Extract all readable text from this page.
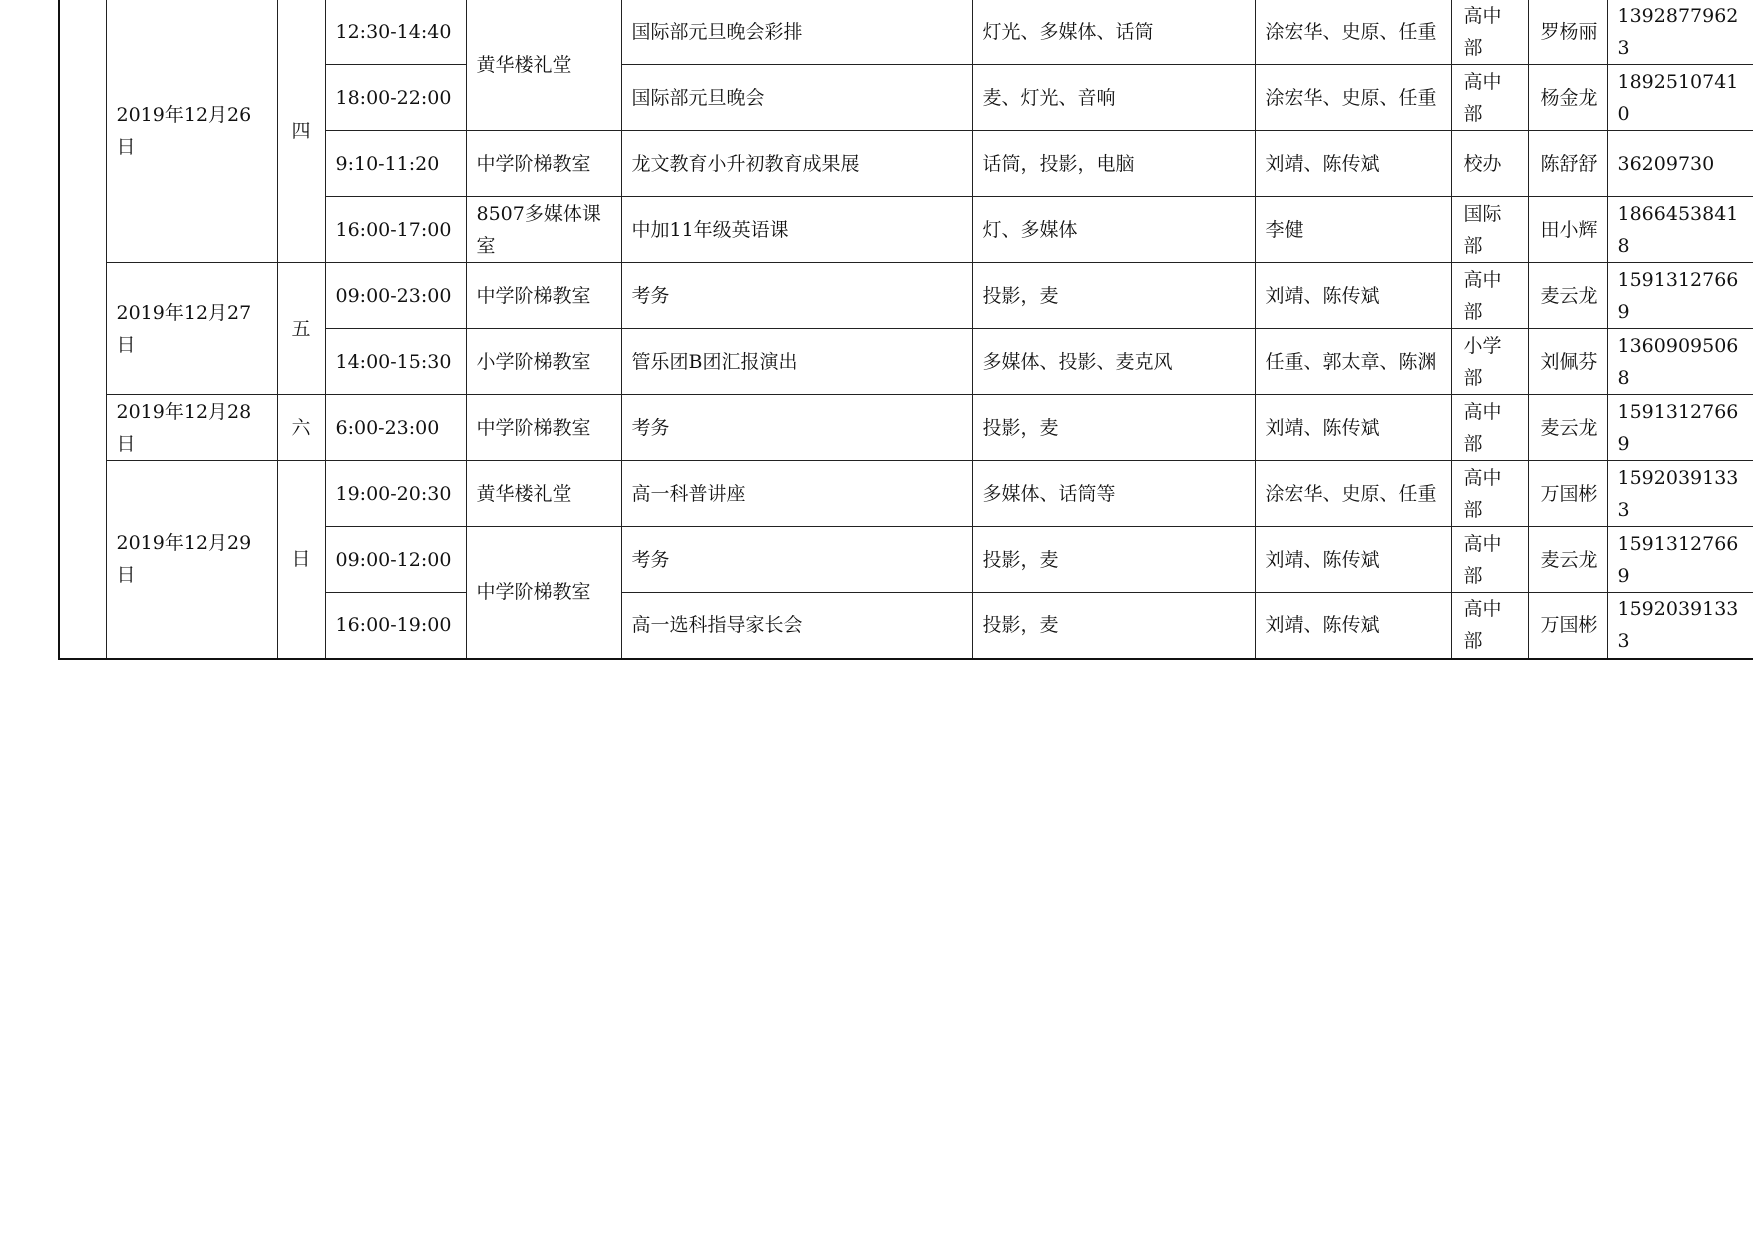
	2019年12月26日	四	12:30-14:40	黄华楼礼堂	国际部元旦晚会彩排	灯光、多媒体、话筒	涂宏华、史原、任重	高中部	罗杨丽	13928779623
			18:00-22:00		国际部元旦晚会	麦、灯光、音响	涂宏华、史原、任重	高中部	杨金龙	18925107410
			9:10-11:20	中学阶梯教室	龙文教育小升初教育成果展	话筒，投影，电脑	刘靖、陈传斌	校办	陈舒舒	36209730
			16:00-17:00	8507多媒体课室	中加11年级英语课	灯、多媒体	李健	国际部	田小辉	18664538418
	2019年12月27日	五	09:00-23:00	中学阶梯教室	考务	投影，麦	刘靖、陈传斌	高中部	麦云龙	15913127669
			14:00-15:30	小学阶梯教室	管乐团B团汇报演出	多媒体、投影、麦克风	任重、郭太章、陈渊	小学部	刘佩芬	13609095068
	2019年12月28日	六	6:00-23:00	中学阶梯教室	考务	投影，麦	刘靖、陈传斌	高中部	麦云龙	15913127669
	2019年12月29日	日	19:00-20:30	黄华楼礼堂	高一科普讲座	多媒体、话筒等	涂宏华、史原、任重	高中部	万国彬	15920391333
			09:00-12:00	中学阶梯教室	考务	投影，麦	刘靖、陈传斌	高中部	麦云龙	15913127669
			16:00-19:00		高一选科指导家长会	投影，麦	刘靖、陈传斌	高中部	万国彬	15920391333
